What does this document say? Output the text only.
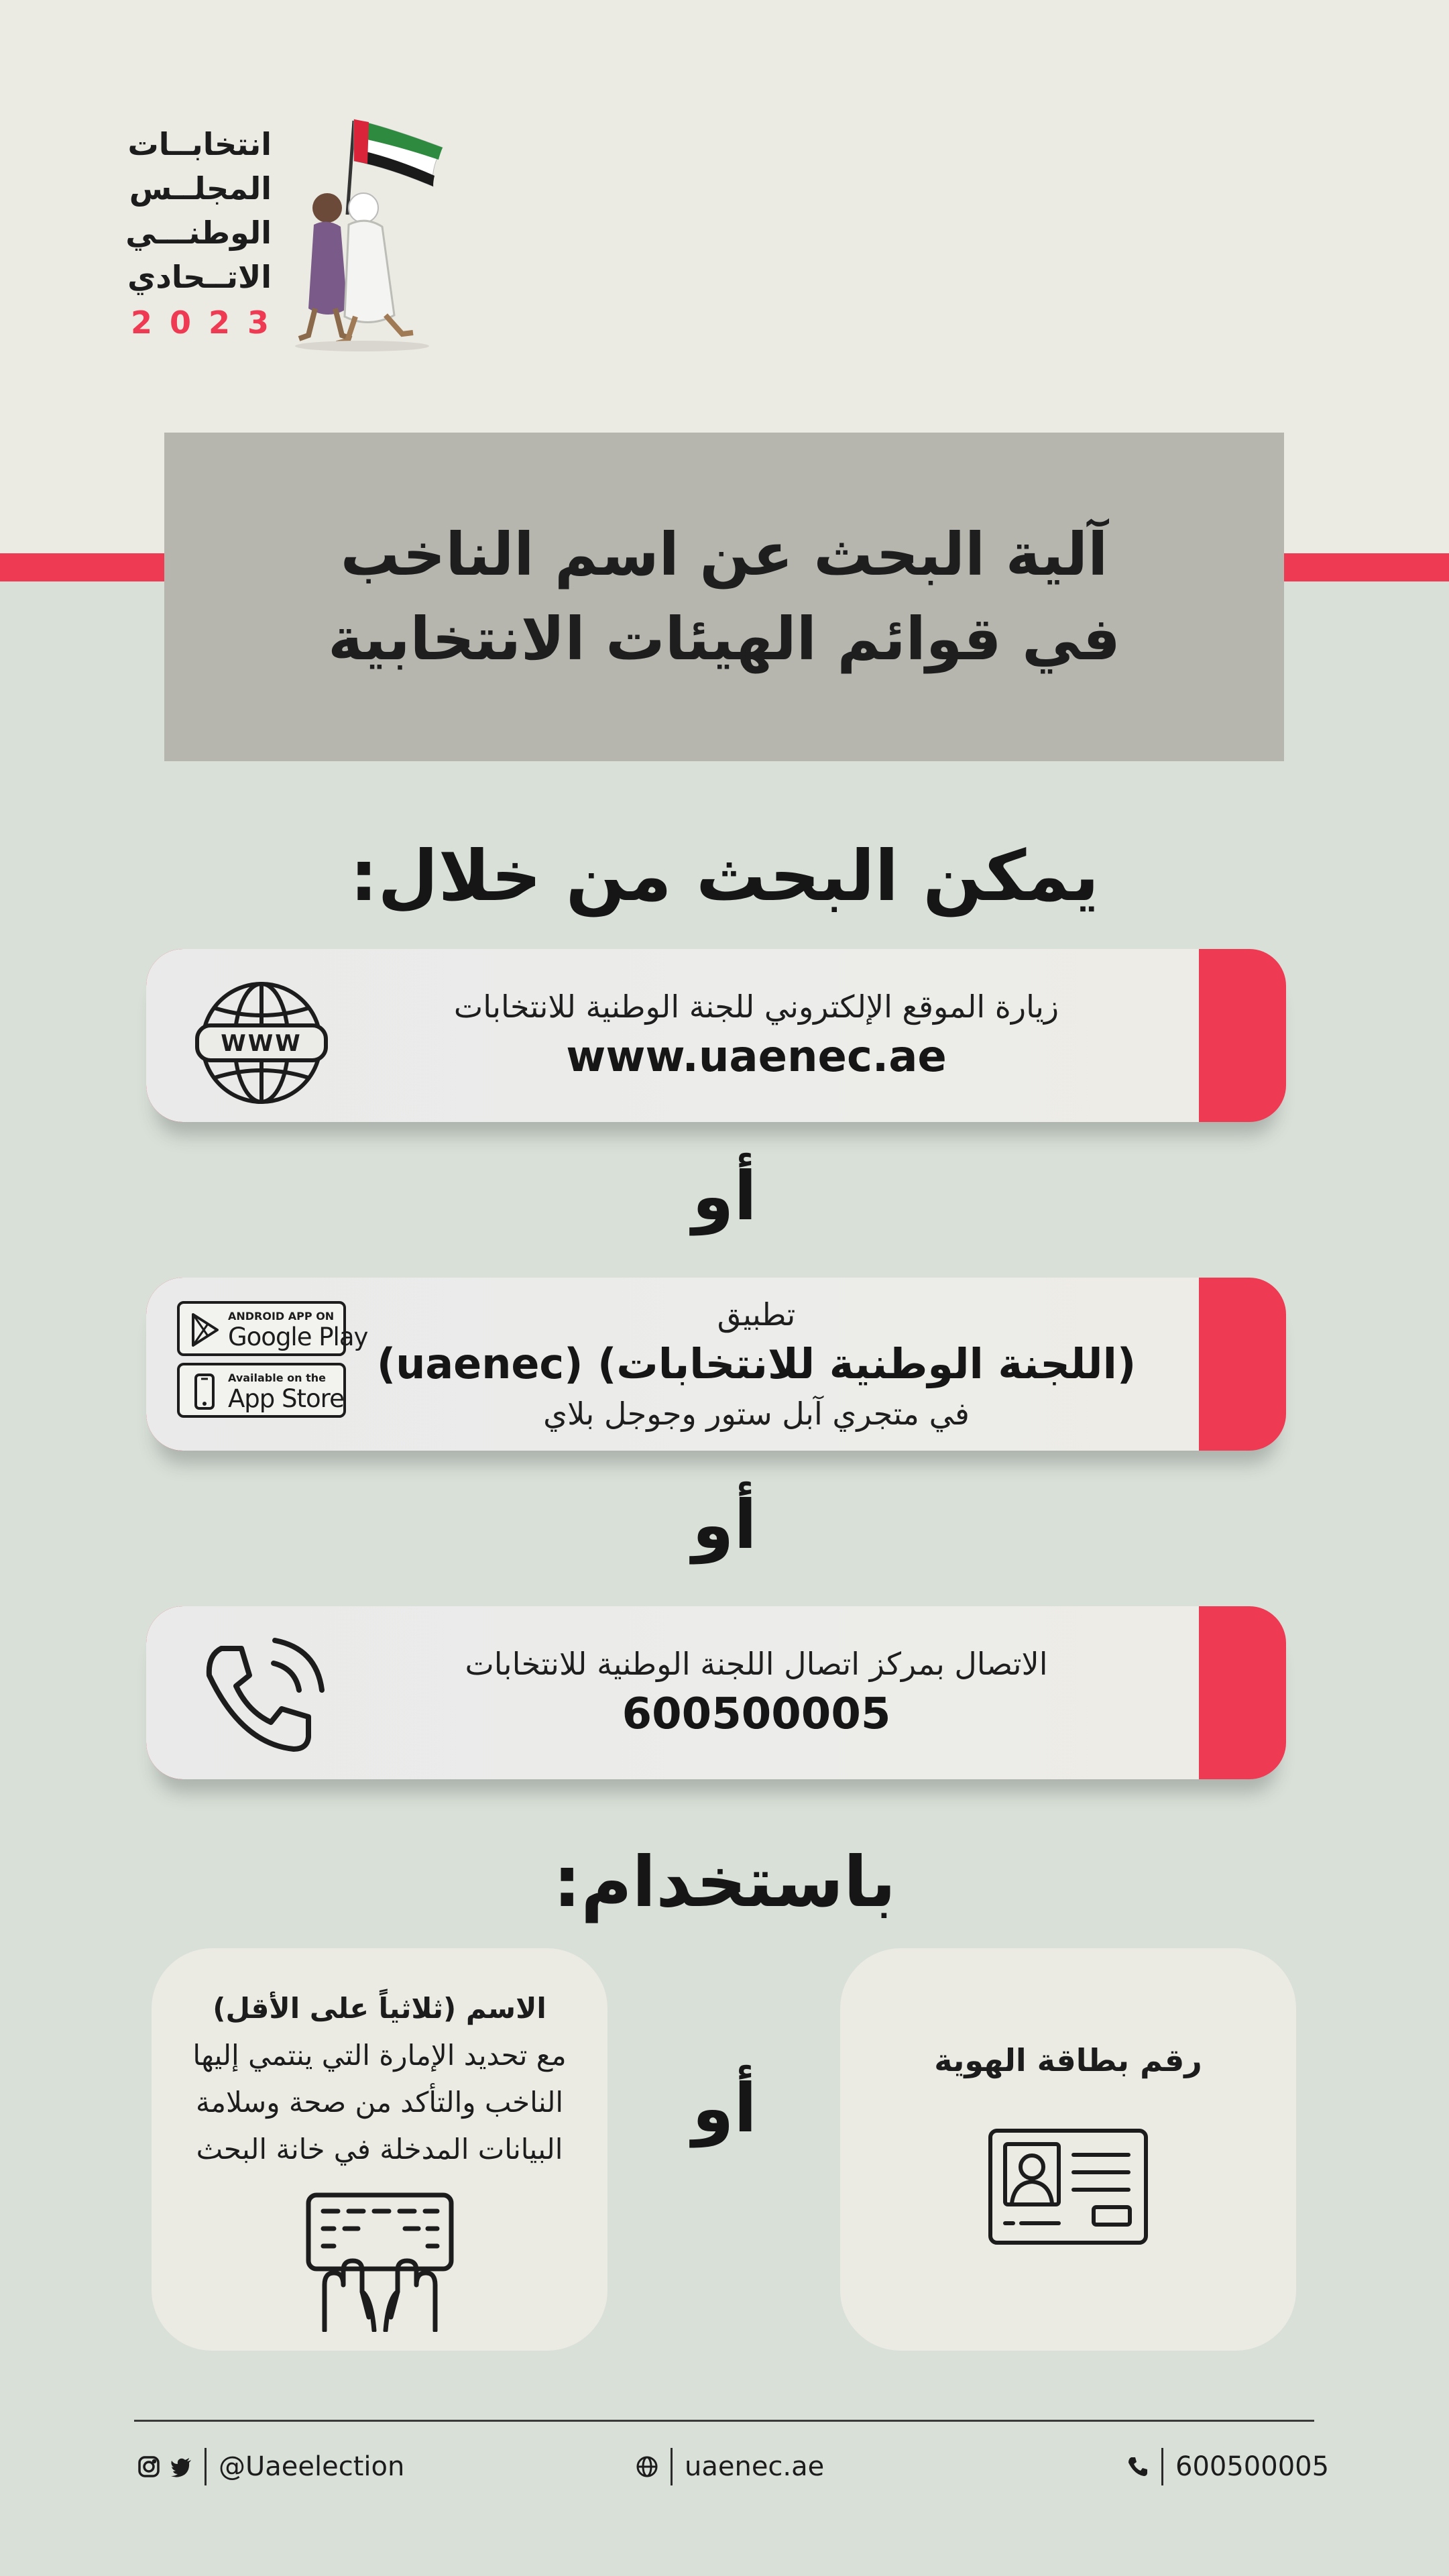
انتخابــات
المجلــس
الوطنـــي
الاتــحادي
2023
آلية البحث عن اسم الناخب
في قوائم الهيئات الانتخابية
يمكن البحث من خلال:
زيارة الموقع الإلكتروني للجنة الوطنية للانتخابات
www.uaenec.ae
WWW
أو
تطبيق
(اللجنة الوطنية للانتخابات) (uaenec)
في متجري آبل ستور وجوجل بلاي
ANDROID APP ON
Google Play
Available on the
App Store
أو
الاتصال بمركز اتصال اللجنة الوطنية للانتخابات
600500005
باستخدام:
رقم بطاقة الهوية
أو
الاسم (ثلاثياً على الأقل)
مع تحديد الإمارة التي ينتمي إليها
الناخب والتأكد من صحة وسلامة
البيانات المدخلة في خانة البحث
@Uaeelection	uaenec.ae	600500005
